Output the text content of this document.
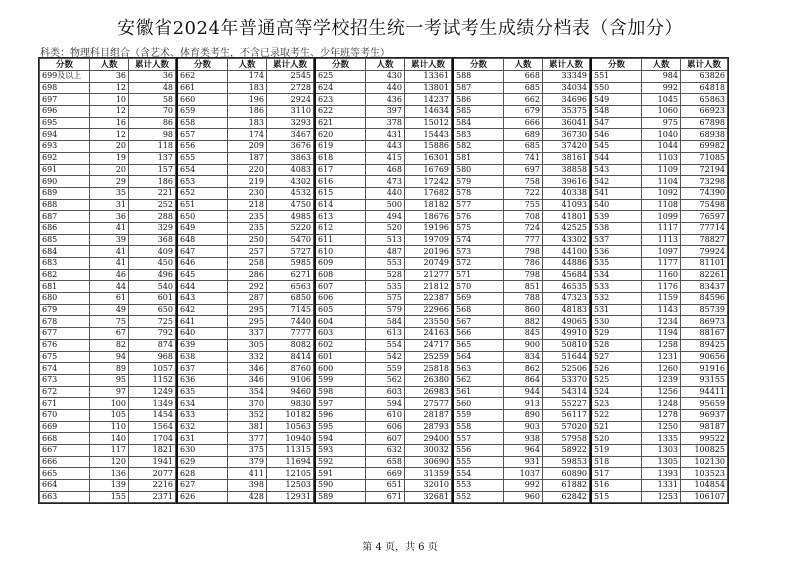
安徽省2024年普通高等学校招生统一考试考生成绩分档表（含加分）
科类：物理科目组合（含艺术、体育类考生，不含已录取考生、少年班等考生）
分数	人数	累计人数
699及以上	36	36
698	12	48
697	10	58
696	12	70
695	16	86
694	12	98
693	20	118
692	19	137
691	20	157
690	29	186
689	35	221
688	31	252
687	36	288
686	41	329
685	39	368
684	41	409
683	41	450
682	46	496
681	44	540
680	61	601
679	49	650
678	75	725
677	67	792
676	82	874
675	94	968
674	89	1057
673	95	1152
672	97	1249
671	100	1349
670	105	1454
669	110	1564
668	140	1704
667	117	1821
666	120	1941
665	136	2077
664	139	2216
663	155	2371
分数	人数	累计人数
662	174	2545
661	183	2728
660	196	2924
659	186	3110
658	183	3293
657	174	3467
656	209	3676
655	187	3863
654	220	4083
653	219	4302
652	230	4532
651	218	4750
650	235	4985
649	235	5220
648	250	5470
647	257	5727
646	258	5985
645	286	6271
644	292	6563
643	287	6850
642	295	7145
641	295	7440
640	337	7777
639	305	8082
638	332	8414
637	346	8760
636	346	9106
635	354	9460
634	370	9830
633	352	10182
632	381	10563
631	377	10940
630	375	11315
629	379	11694
628	411	12105
627	398	12503
626	428	12931
分数	人数	累计人数
625	430	13361
624	440	13801
623	436	14237
622	397	14634
621	378	15012
620	431	15443
619	443	15886
618	415	16301
617	468	16769
616	473	17242
615	440	17682
614	500	18182
613	494	18676
612	520	19196
611	513	19709
610	487	20196
609	553	20749
608	528	21277
607	535	21812
606	575	22387
605	579	22966
604	584	23550
603	613	24163
602	554	24717
601	542	25259
600	559	25818
599	562	26380
598	603	26983
597	594	27577
596	610	28187
595	606	28793
594	607	29400
593	632	30032
592	658	30690
591	669	31359
590	651	32010
589	671	32681
分数	人数	累计人数
588	668	33349
587	685	34034
586	662	34696
585	679	35375
584	666	36041
583	689	36730
582	685	37420
581	741	38161
580	697	38858
579	758	39616
578	722	40338
577	755	41093
576	708	41801
575	724	42525
574	777	43302
573	798	44100
572	786	44886
571	798	45684
570	851	46535
569	788	47323
568	860	48183
567	882	49065
566	845	49910
565	900	50810
564	834	51644
563	862	52506
562	864	53370
561	944	54314
560	913	55227
559	890	56117
558	903	57020
557	938	57958
556	964	58922
555	931	59853
554	1037	60890
553	992	61882
552	960	62842
分数	人数	累计人数
551	984	63826
550	992	64818
549	1045	65863
548	1060	66923
547	975	67898
546	1040	68938
545	1044	69982
544	1103	71085
543	1109	72194
542	1104	73298
541	1092	74390
540	1108	75498
539	1099	76597
538	1117	77714
537	1113	78827
536	1097	79924
535	1177	81101
534	1160	82261
533	1176	83437
532	1159	84596
531	1143	85739
530	1234	86973
529	1194	88167
528	1258	89425
527	1231	90656
526	1260	91916
525	1239	93155
524	1256	94411
523	1248	95659
522	1278	96937
521	1250	98187
520	1335	99522
519	1303	100825
518	1305	102130
517	1393	103523
516	1331	104854
515	1253	106107
第 4 页，共 6 页
